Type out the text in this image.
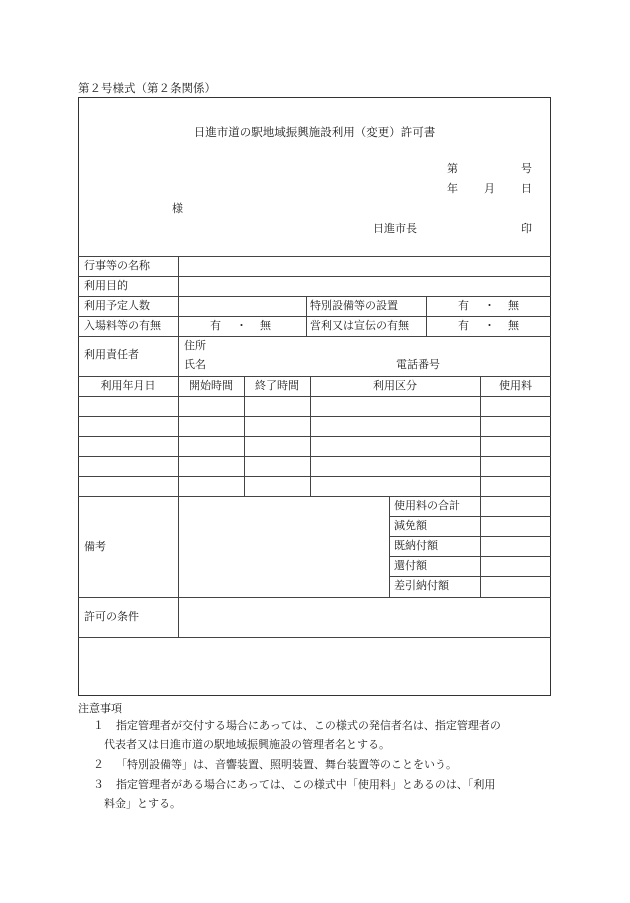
第２号様式（第２条関係）
日進市道の駅地域振興施設利用（変更）許可書
第	号
年 月 日
様
日進市長	印
行事等の名称
利用目的
利用予定人数	特別設備等の設置	有 ・ 無
入場料等の有無	有 ・ 無	営利又は宣伝の有無	有 ・ 無
利用責任者
住所
氏名	電話番号
利用年月日	開始時間	終了時間	利用区分	使用料
備考
使用料の合計
減免額
既納付額
還付額
差引納付額
許可の条件
注意事項
１ 指定管理者が交付する場合にあっては、この様式の発信者名は、指定管理者の
代表者又は日進市道の駅地域振興施設の管理者名とする。
２ 「特別設備等」は、音響装置、照明装置、舞台装置等のことをいう。
３ 指定管理者がある場合にあっては、この様式中「使用料」とあるのは、「利用
料金」とする。
